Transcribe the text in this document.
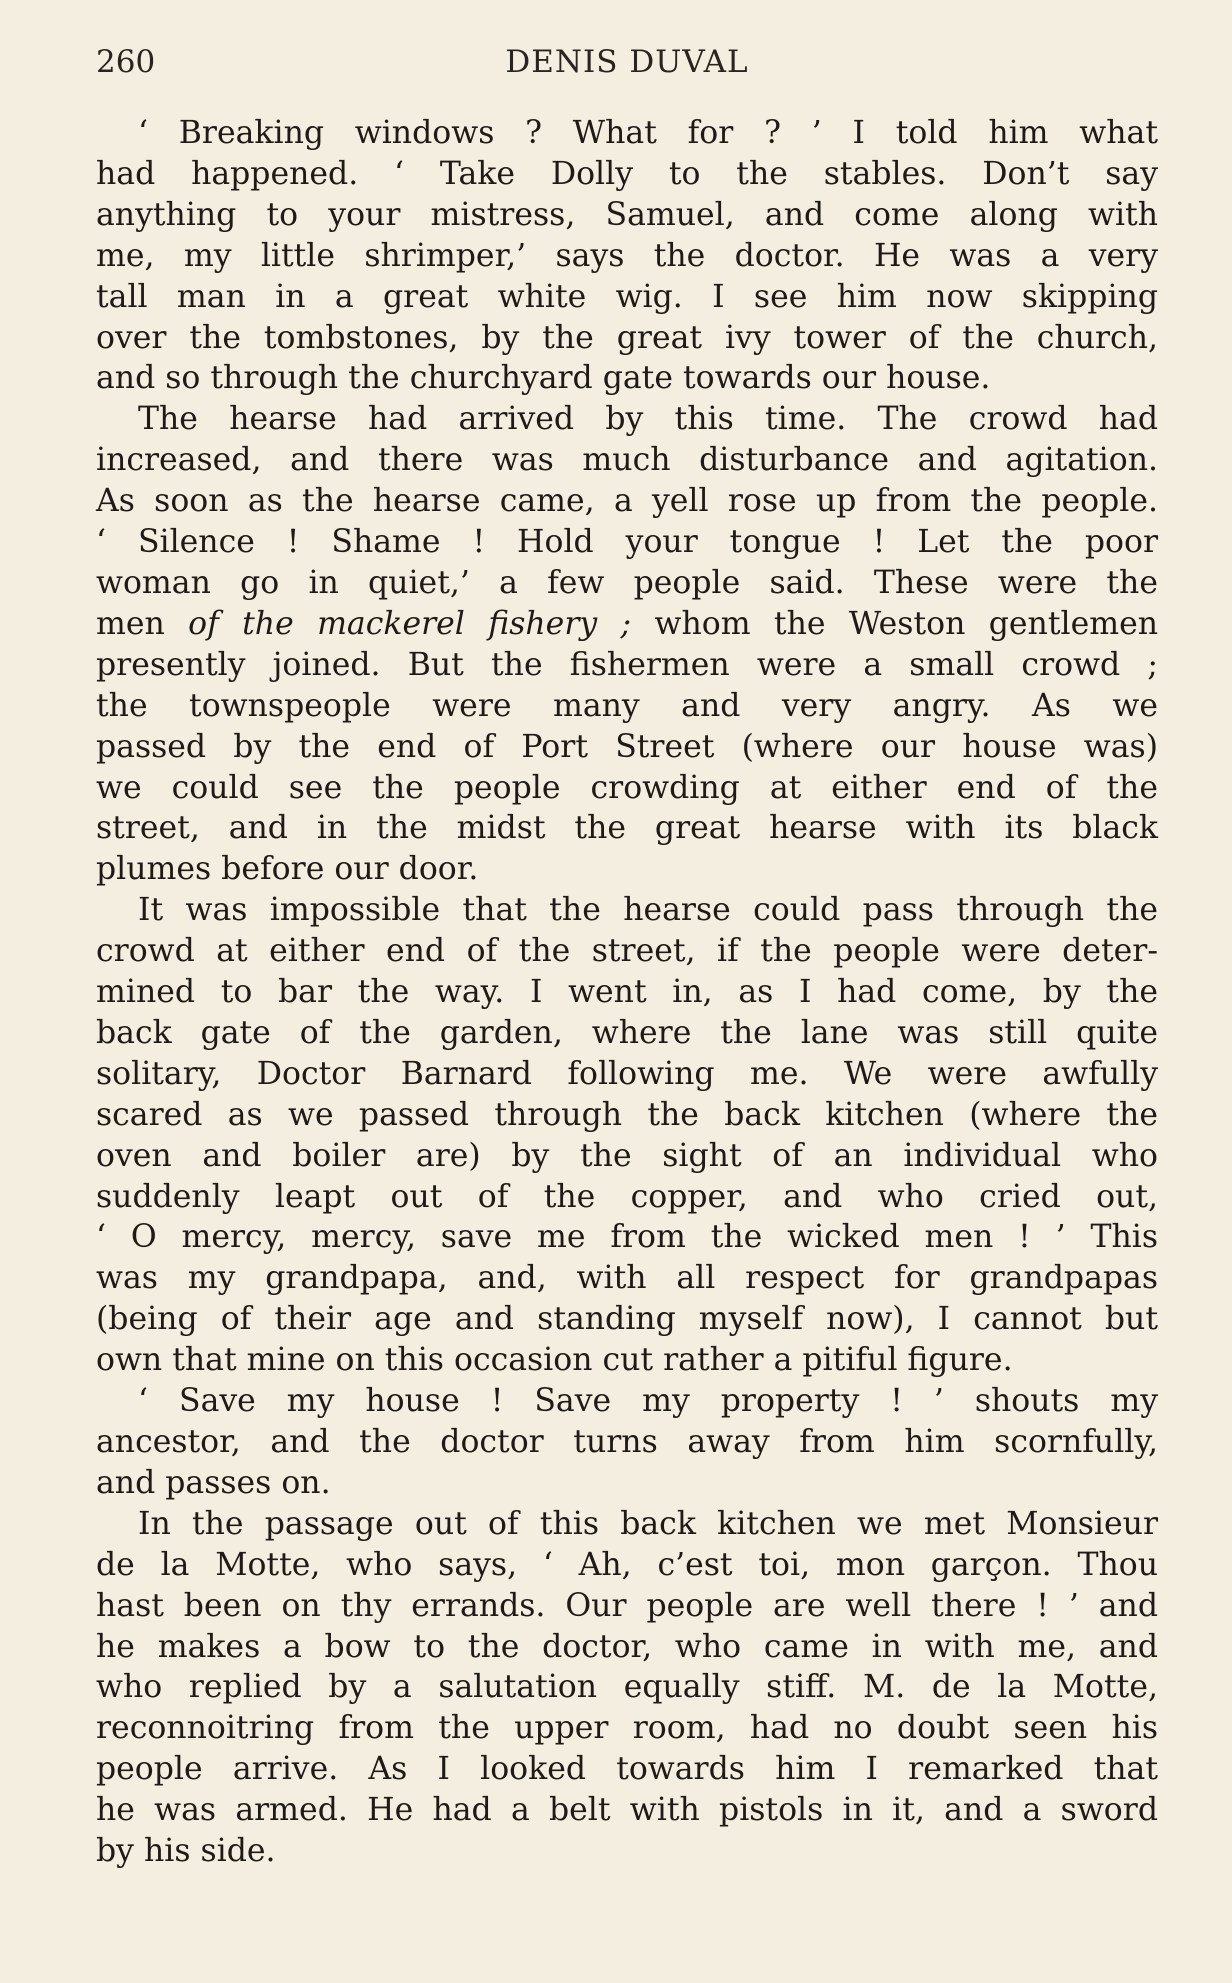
260	DENIS DUVAL
‘ Breaking windows ? What for ? ’ I told him what
had happened. ‘ Take Dolly to the stables. Don’t say
anything to your mistress, Samuel, and come along with
me, my little shrimper,’ says the doctor. He was a very
tall man in a great white wig. I see him now skipping
over the tombstones, by the great ivy tower of the church,
and so through the churchyard gate towards our house.
The hearse had arrived by this time. The crowd had
increased, and there was much disturbance and agitation.
As soon as the hearse came, a yell rose up from the people.
‘ Silence ! Shame ! Hold your tongue ! Let the poor
woman go in quiet,’ a few people said. These were the
men of the mackerel fishery ; whom the Weston gentlemen
presently joined. But the fishermen were a small crowd ;
the townspeople were many and very angry. As we
passed by the end of Port Street (where our house was)
we could see the people crowding at either end of the
street, and in the midst the great hearse with its black
plumes before our door.
It was impossible that the hearse could pass through the
crowd at either end of the street, if the people were deter-
mined to bar the way. I went in, as I had come, by the
back gate of the garden, where the lane was still quite
solitary, Doctor Barnard following me. We were awfully
scared as we passed through the back kitchen (where the
oven and boiler are) by the sight of an individual who
suddenly leapt out of the copper, and who cried out,
‘ O mercy, mercy, save me from the wicked men ! ’ This
was my grandpapa, and, with all respect for grandpapas
(being of their age and standing myself now), I cannot but
own that mine on this occasion cut rather a pitiful figure.
‘ Save my house ! Save my property ! ’ shouts my
ancestor, and the doctor turns away from him scornfully,
and passes on.
In the passage out of this back kitchen we met Monsieur
de la Motte, who says, ‘ Ah, c’est toi, mon garçon. Thou
hast been on thy errands. Our people are well there ! ’ and
he makes a bow to the doctor, who came in with me, and
who replied by a salutation equally stiff. M. de la Motte,
reconnoitring from the upper room, had no doubt seen his
people arrive. As I looked towards him I remarked that
he was armed. He had a belt with pistols in it, and a sword
by his side.
